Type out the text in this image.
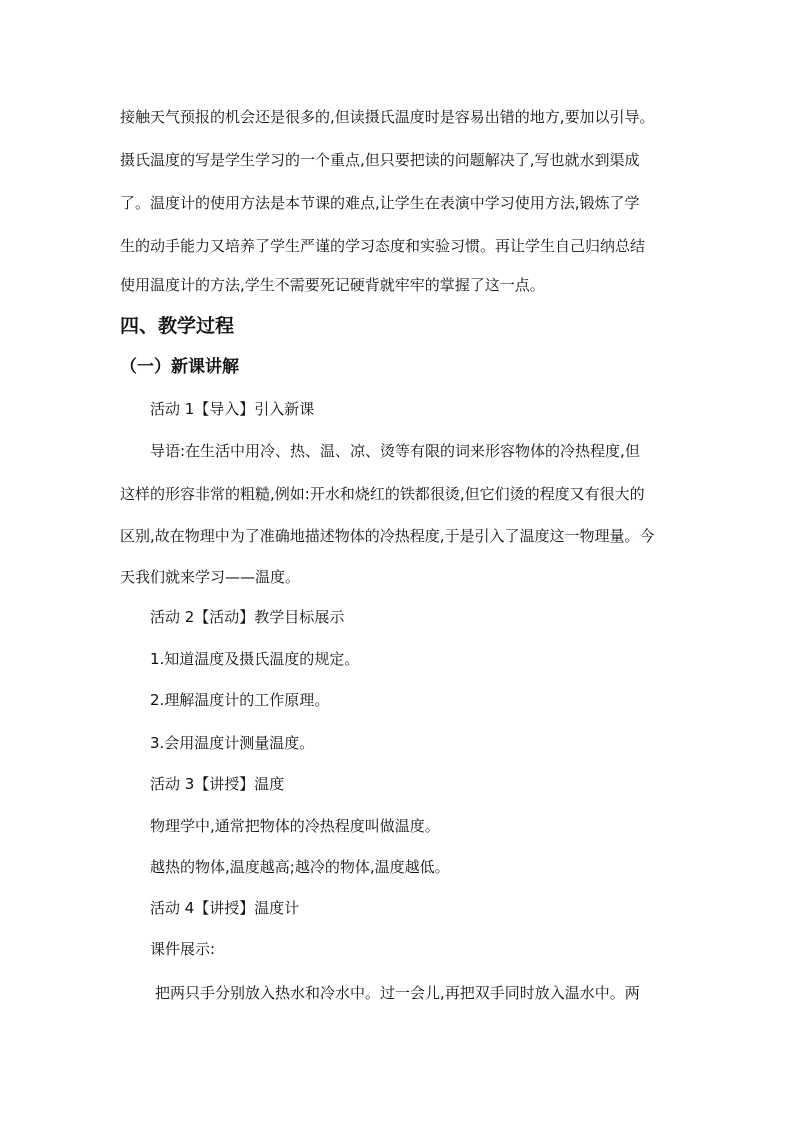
接触天气预报的机会还是很多的,但读摄氏温度时是容易出错的地方,要加以引导。
摄氏温度的写是学生学习的一个重点,但只要把读的问题解决了,写也就水到渠成
了。温度计的使用方法是本节课的难点,让学生在表演中学习使用方法,锻炼了学
生的动手能力又培养了学生严谨的学习态度和实验习惯。再让学生自己归纳总结
使用温度计的方法,学生不需要死记硬背就牢牢的掌握了这一点。
四、教学过程
（一）新课讲解
活动 1【导入】引入新课
导语:在生活中用冷、热、温、凉、烫等有限的词来形容物体的冷热程度,但
这样的形容非常的粗糙,例如:开水和烧红的铁都很烫,但它们烫的程度又有很大的
区别,故在物理中为了准确地描述物体的冷热程度,于是引入了温度这一物理量。今
天我们就来学习——温度。
活动 2【活动】教学目标展示
1.知道温度及摄氏温度的规定。
2.理解温度计的工作原理。
3.会用温度计测量温度。
活动 3【讲授】温度
物理学中,通常把物体的冷热程度叫做温度。
越热的物体,温度越高;越冷的物体,温度越低。
活动 4【讲授】温度计
课件展示:
把两只手分别放入热水和冷水中。过一会儿,再把双手同时放入温水中。两
